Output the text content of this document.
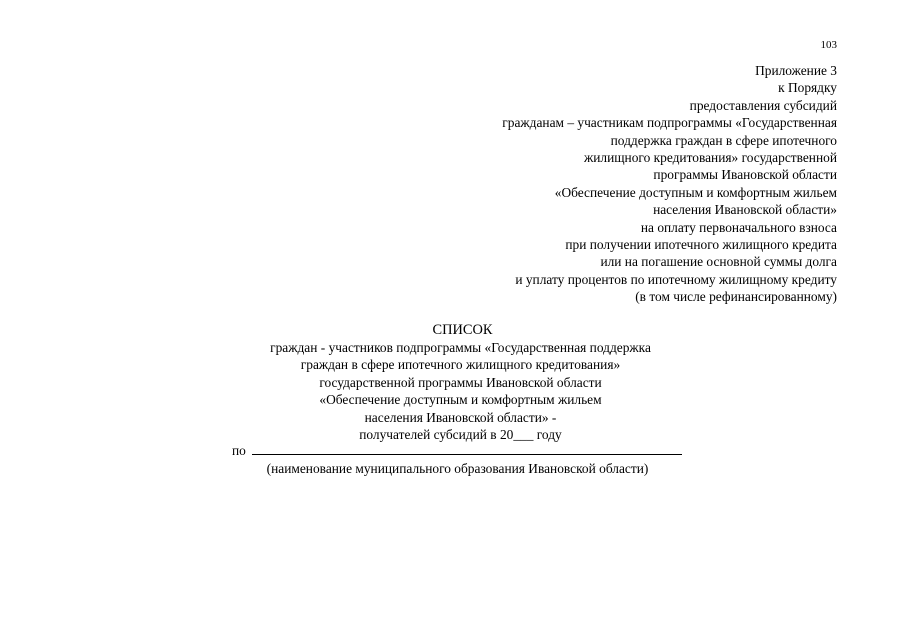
103
Приложение 3
к Порядку
предоставления субсидий
гражданам – участникам подпрограммы «Государственная
поддержка граждан в сфере ипотечного
жилищного кредитования» государственной
программы Ивановской области
«Обеспечение доступным и комфортным жильем
населения Ивановской области»
на оплату первоначального взноса
при получении ипотечного жилищного кредита
или на погашение основной суммы долга
и уплату процентов по ипотечному жилищному кредиту
(в том числе рефинансированному)
СПИСОК
граждан - участников подпрограммы «Государственная поддержка
граждан в сфере ипотечного жилищного кредитования»
государственной программы Ивановской области
«Обеспечение доступным и комфортным жильем
населения Ивановской области» -
получателей субсидий в 20___ году
по
(наименование муниципального образования Ивановской области)
